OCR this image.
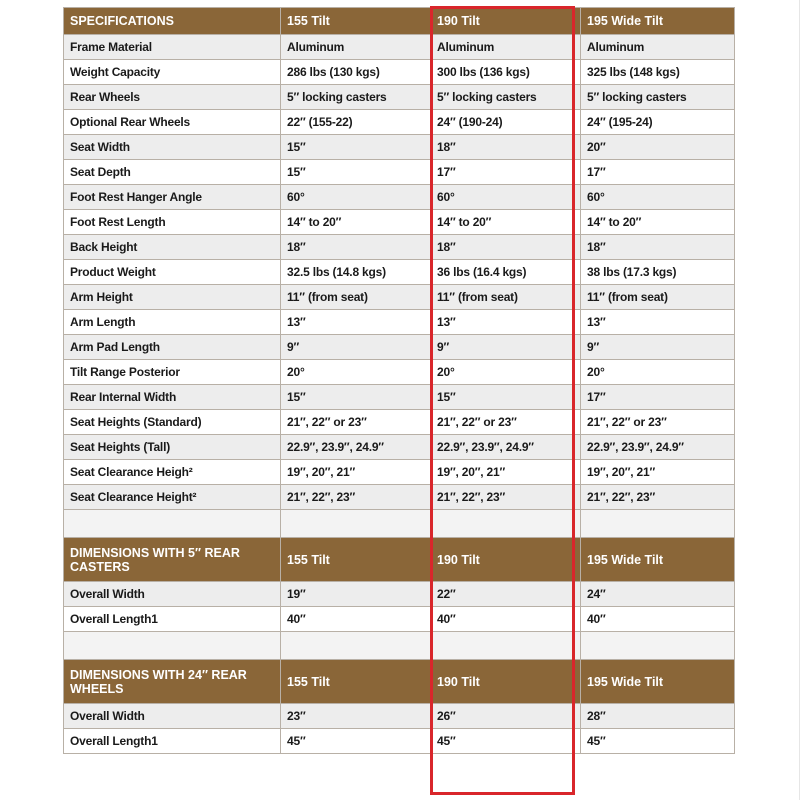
SPECIFICATIONS	155 Tilt	190 Tilt	195 Wide Tilt
Frame Material	Aluminum	Aluminum	Aluminum
Weight Capacity	286 lbs (130 kgs)	300 lbs (136 kgs)	325 lbs (148 kgs)
Rear Wheels	5″ locking casters	5″ locking casters	5″ locking casters
Optional Rear Wheels	22″ (155-22)	24″ (190-24)	24″ (195-24)
Seat Width	15″	18″	20″
Seat Depth	15″	17″	17″
Foot Rest Hanger Angle	60°	60°	60°
Foot Rest Length	14″ to 20″	14″ to 20″	14″ to 20″
Back Height	18″	18″	18″
Product Weight	32.5 lbs (14.8 kgs)	36 lbs (16.4 kgs)	38 lbs (17.3 kgs)
Arm Height	11″ (from seat)	11″ (from seat)	11″ (from seat)
Arm Length	13″	13″	13″
Arm Pad Length	9″	9″	9″
Tilt Range Posterior	20°	20°	20°
Rear Internal Width	15″	15″	17″
Seat Heights (Standard)	21″, 22″ or 23″	21″, 22″ or 23″	21″, 22″ or 23″
Seat Heights (Tall)	22.9″, 23.9″, 24.9″	22.9″, 23.9″, 24.9″	22.9″, 23.9″, 24.9″
Seat Clearance Heigh²	19″, 20″, 21″	19″, 20″, 21″	19″, 20″, 21″
Seat Clearance Height²	21″, 22″, 23″	21″, 22″, 23″	21″, 22″, 23″

DIMENSIONS WITH 5″ REAR CASTERS	155 Tilt	190 Tilt	195 Wide Tilt
Overall Width	19″	22″	24″
Overall Length1	40″	40″	40″

DIMENSIONS WITH 24″ REAR WHEELS	155 Tilt	190 Tilt	195 Wide Tilt
Overall Width	23″	26″	28″
Overall Length1	45″	45″	45″
